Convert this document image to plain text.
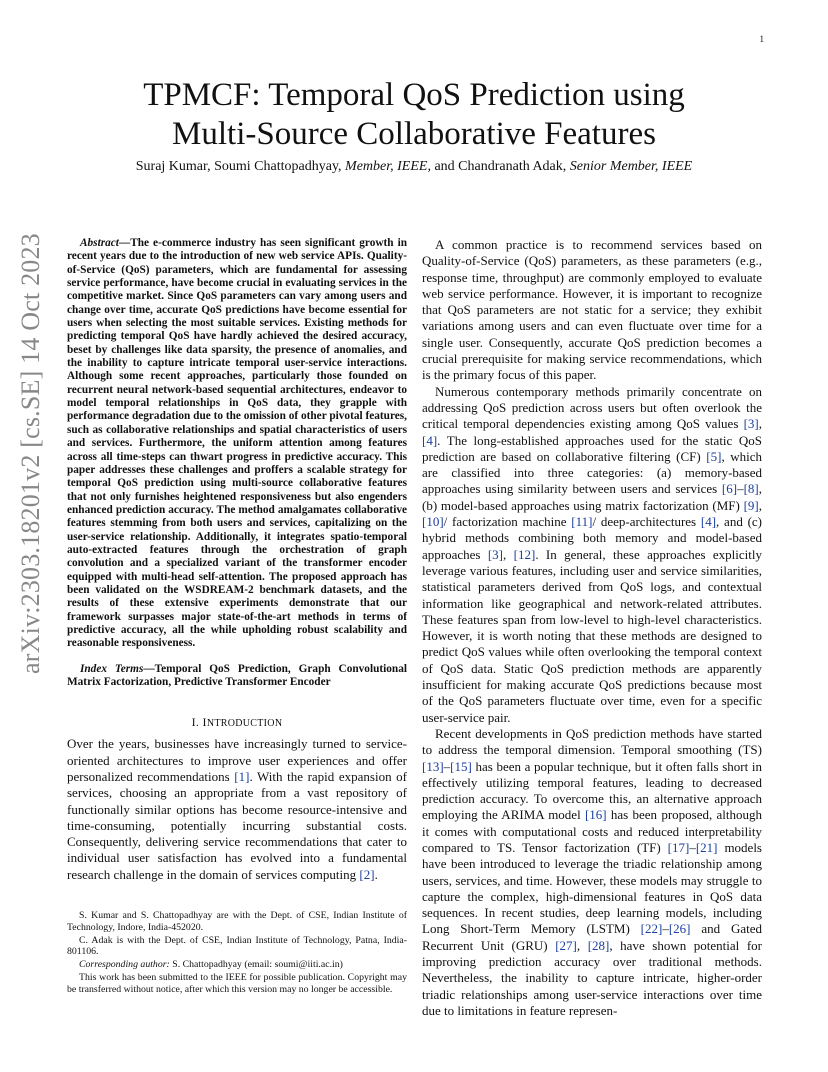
1
arXiv:2303.18201v2 [cs.SE] 14 Oct 2023
TPMCF: Temporal QoS Prediction using
Multi-Source Collaborative Features
Suraj Kumar, Soumi Chattopadhyay, Member, IEEE, and Chandranath Adak, Senior Member, IEEE

Abstract—The e-commerce industry has seen significant growth in recent years due to the introduction of new web service APIs. Quality-of-Service (QoS) parameters, which are fundamental for assessing service performance, have become crucial in evaluating services in the competitive market. Since QoS parameters can vary among users and change over time, accurate QoS predictions have become essential for users when selecting the most suitable services. Existing methods for predicting temporal QoS have hardly achieved the desired accuracy, beset by challenges like data sparsity, the presence of anomalies, and the inability to capture intricate temporal user-service interactions. Although some recent approaches, particularly those founded on recurrent neural network-based sequential architectures, endeavor to model temporal relationships in QoS data, they grapple with performance degradation due to the omission of other pivotal features, such as collaborative relationships and spatial characteristics of users and services. Furthermore, the uniform attention among features across all time-steps can thwart progress in predictive accuracy. This paper addresses these challenges and proffers a scalable strategy for temporal QoS prediction using multi-source collaborative features that not only furnishes heightened responsiveness but also engenders enhanced prediction accuracy. The method amalgamates collaborative features stemming from both users and services, capitalizing on the user-service relationship. Additionally, it integrates spatio-temporal auto-extracted features through the orchestration of graph convolution and a specialized variant of the transformer encoder equipped with multi-head self-attention. The proposed approach has been validated on the WSDREAM-2 benchmark datasets, and the results of these extensive experiments demonstrate that our framework surpasses major state-of-the-art methods in terms of predictive accuracy, all the while upholding robust scalability and reasonable responsiveness.

Index Terms—Temporal QoS Prediction, Graph Convolutional Matrix Factorization, Predictive Transformer Encoder

I. INTRODUCTION

Over the years, businesses have increasingly turned to service-oriented architectures to improve user experiences and offer personalized recommendations [1]. With the rapid expansion of services, choosing an appropriate from a vast repository of functionally similar options has become resource-intensive and time-consuming, potentially incurring substantial costs. Consequently, delivering service recommendations that cater to individual user satisfaction has evolved into a fundamental research challenge in the domain of services computing [2].

S. Kumar and S. Chattopadhyay are with the Dept. of CSE, Indian Institute of Technology, Indore, India-452020.

C. Adak is with the Dept. of CSE, Indian Institute of Technology, Patna, India-801106.

Corresponding author: S. Chattopadhyay (email: soumi@iiti.ac.in)

This work has been submitted to the IEEE for possible publication. Copyright may be transferred without notice, after which this version may no longer be accessible.

A common practice is to recommend services based on Quality-of-Service (QoS) parameters, as these parameters (e.g., response time, throughput) are commonly employed to evaluate web service performance. However, it is important to recognize that QoS parameters are not static for a service; they exhibit variations among users and can even fluctuate over time for a single user. Consequently, accurate QoS prediction becomes a crucial prerequisite for making service recommendations, which is the primary focus of this paper.

Numerous contemporary methods primarily concentrate on addressing QoS prediction across users but often overlook the critical temporal dependencies existing among QoS values [3], [4]. The long-established approaches used for the static QoS prediction are based on collaborative filtering (CF) [5], which are classified into three categories: (a) memory-based approaches using similarity between users and services [6]–[8], (b) model-based approaches using matrix factorization (MF) [9], [10]/ factorization machine [11]/ deep-architectures [4], and (c) hybrid methods combining both memory and model-based approaches [3], [12]. In general, these approaches explicitly leverage various features, including user and service similarities, statistical parameters derived from QoS logs, and contextual information like geographical and network-related attributes. These features span from low-level to high-level characteristics. However, it is worth noting that these methods are designed to predict QoS values while often overlooking the temporal context of QoS data. Static QoS prediction methods are apparently insufficient for making accurate QoS predictions because most of the QoS parameters fluctuate over time, even for a specific user-service pair.

Recent developments in QoS prediction methods have started to address the temporal dimension. Temporal smoothing (TS) [13]–[15] has been a popular technique, but it often falls short in effectively utilizing temporal features, leading to decreased prediction accuracy. To overcome this, an alternative approach employing the ARIMA model [16] has been proposed, although it comes with computational costs and reduced interpretability compared to TS. Tensor factorization (TF) [17]–[21] models have been introduced to leverage the triadic relationship among users, services, and time. However, these models may struggle to capture the complex, high-dimensional features in QoS data sequences. In recent studies, deep learning models, including Long Short-Term Memory (LSTM) [22]–[26] and Gated Recurrent Unit (GRU) [27], [28], have shown potential for improving prediction accuracy over traditional methods. Nevertheless, the inability to capture intricate, higher-order triadic relationships among user-service interactions over time due to limitations in feature represen-
